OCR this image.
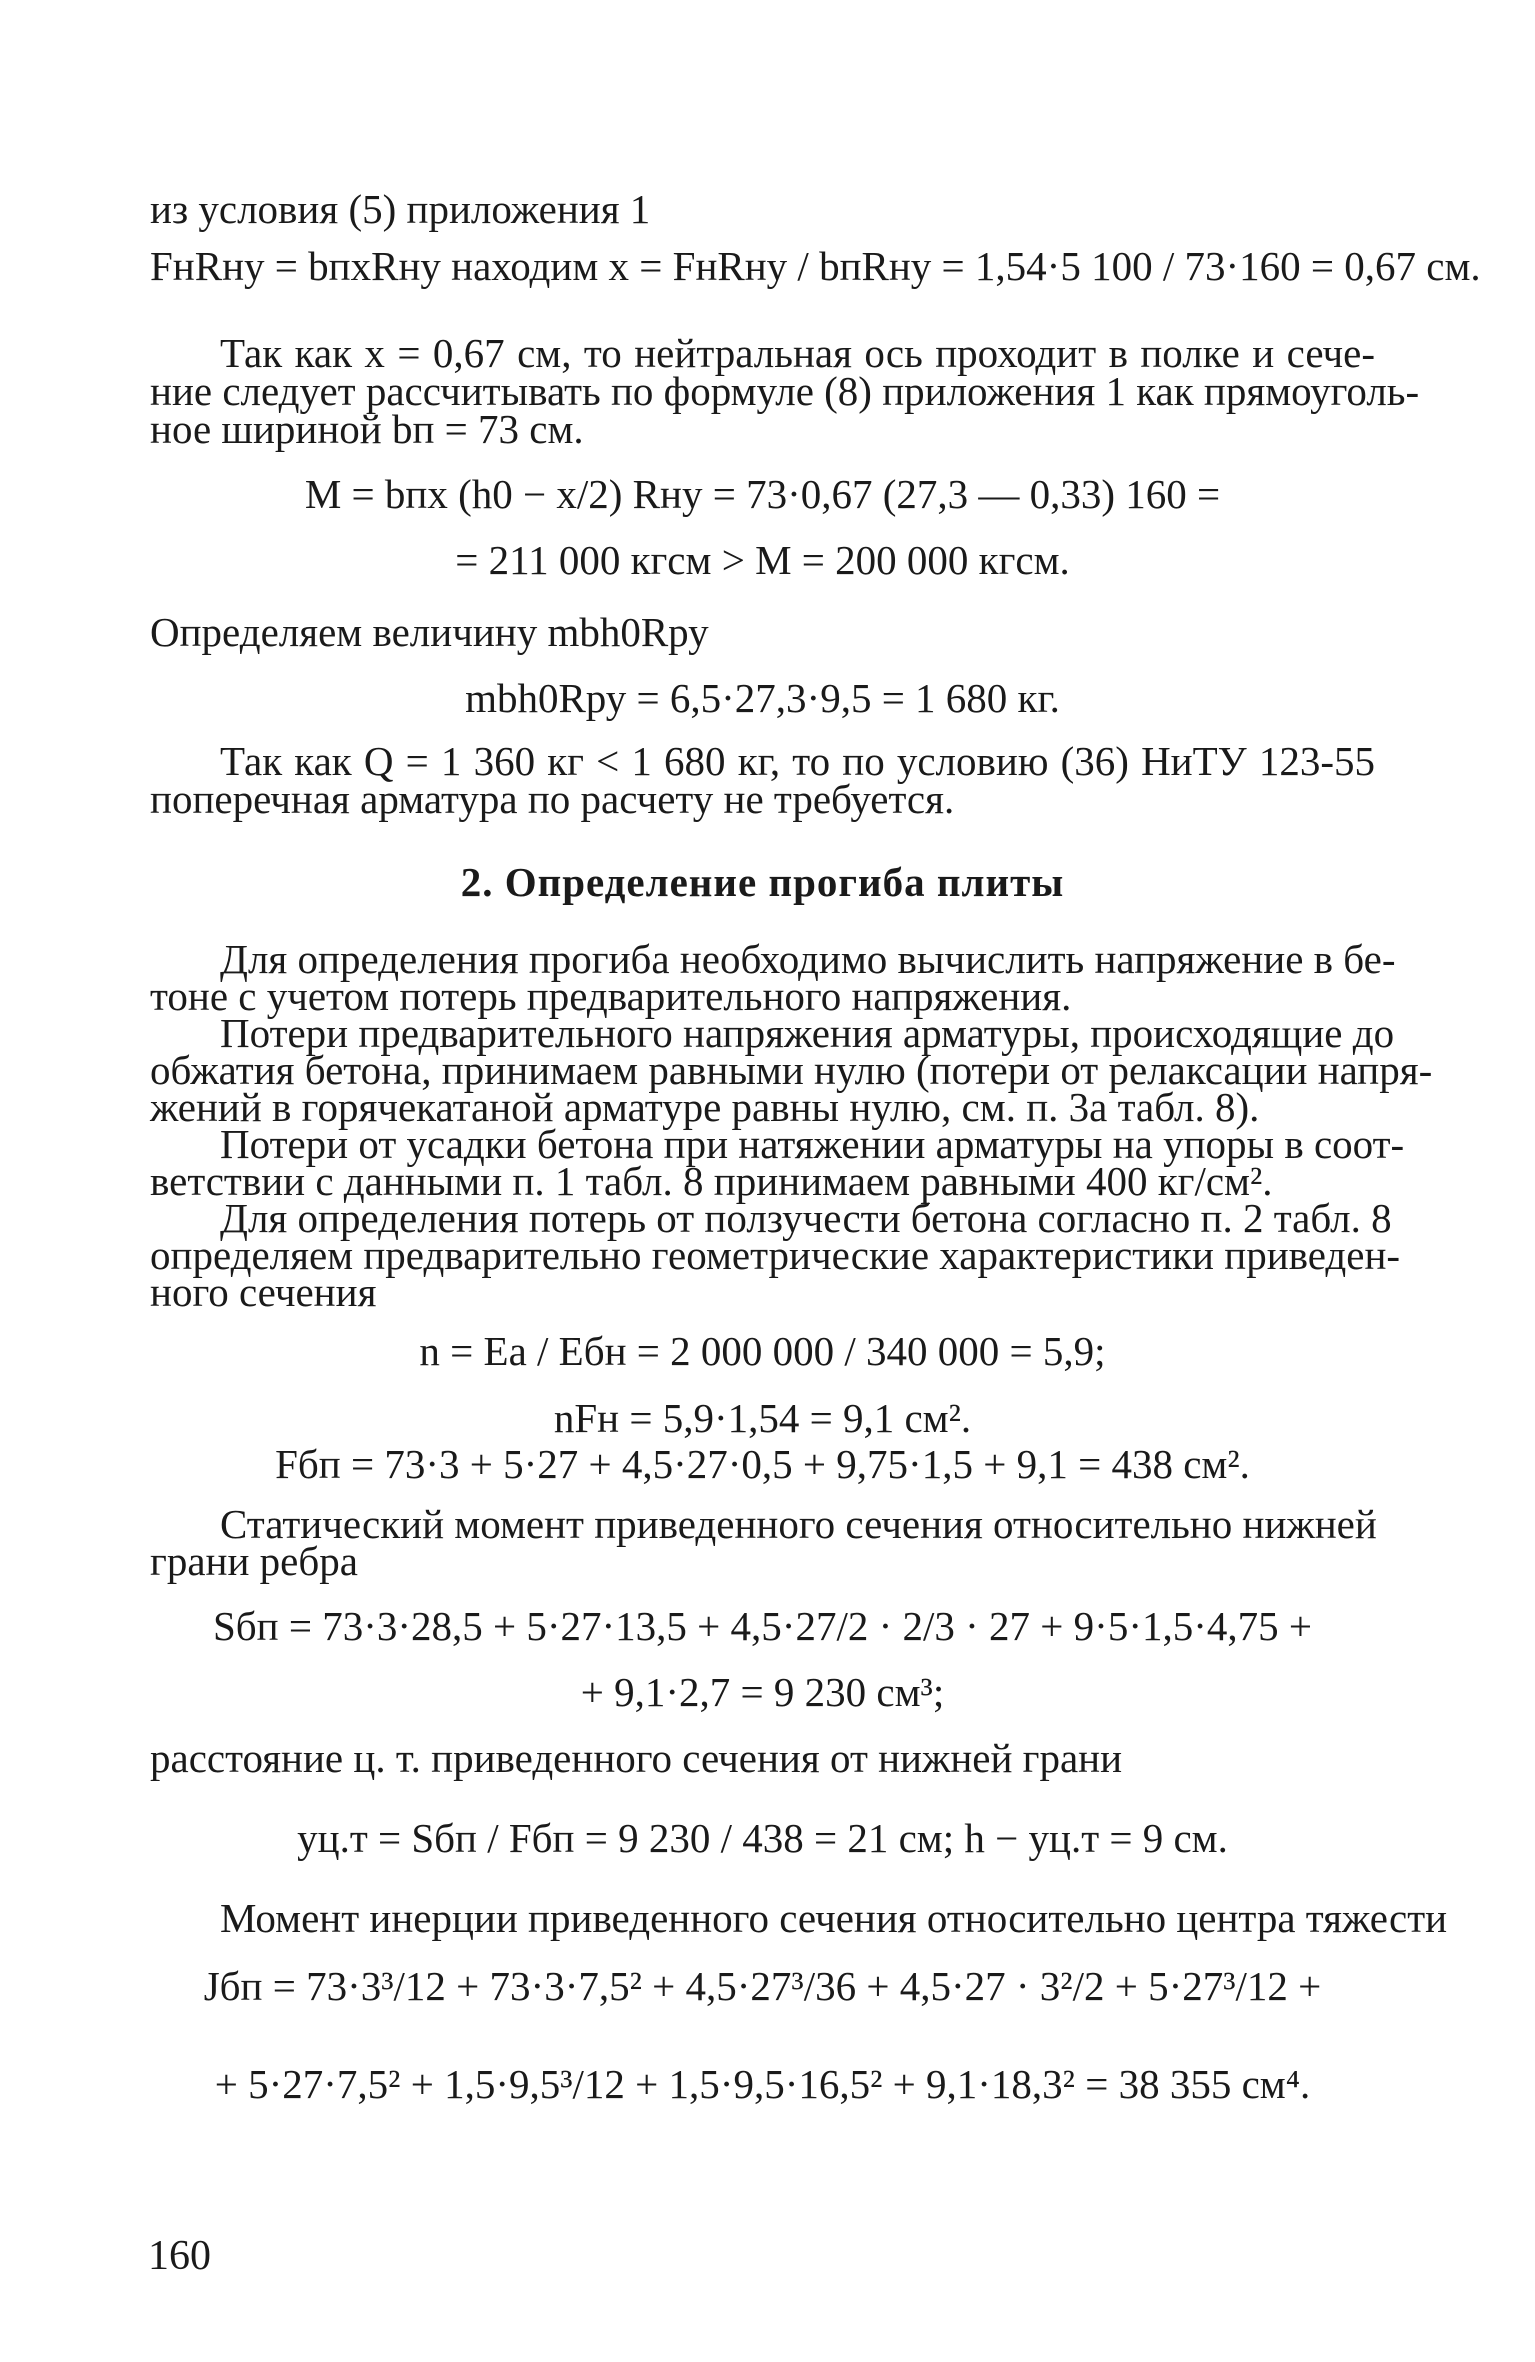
из условия (5) приложения 1
FнRну = bпxRну находим x = FнRну / bпRну = 1,54·5 100 / 73·160 = 0,67 см.
Так как x = 0,67 см, то нейтральная ось проходит в полке и сече-
ние следует рассчитывать по формуле (8) приложения 1 как прямоуголь-
ное шириной bп = 73 см.
M = bпx (h0 − x/2) Rну = 73·0,67 (27,3 — 0,33) 160 =
= 211 000 кгсм > M = 200 000 кгсм.
Определяем величину mbh0Rру
mbh0Rру = 6,5·27,3·9,5 = 1 680 кг.
Так как Q = 1 360 кг < 1 680 кг, то по условию (36) НиТУ 123-55
поперечная арматура по расчету не требуется.
2. Определение прогиба плиты
Для определения прогиба необходимо вычислить напряжение в бе-
тоне с учетом потерь предварительного напряжения.
Потери предварительного напряжения арматуры, происходящие до
обжатия бетона, принимаем равными нулю (потери от релаксации напря-
жений в горячекатаной арматуре равны нулю, см. п. 3а табл. 8).
Потери от усадки бетона при натяжении арматуры на упоры в соот-
ветствии с данными п. 1 табл. 8 принимаем равными 400 кг/см².
Для определения потерь от ползучести бетона согласно п. 2 табл. 8
определяем предварительно геометрические характеристики приведен-
ного сечения
n = Ea / Eбн = 2 000 000 / 340 000 = 5,9;
nFн = 5,9·1,54 = 9,1 см².
Fбп = 73·3 + 5·27 + 4,5·27·0,5 + 9,75·1,5 + 9,1 = 438 см².
Статический момент приведенного сечения относительно нижней
грани ребра
Sбп = 73·3·28,5 + 5·27·13,5 + 4,5·27/2 · 2/3 · 27 + 9·5·1,5·4,75 +
+ 9,1·2,7 = 9 230 см³;
расстояние ц. т. приведенного сечения от нижней грани
yц.т = Sбп / Fбп = 9 230 / 438 = 21 см; h − yц.т = 9 см.
Момент инерции приведенного сечения относительно центра тяжести
Jбп = 73·3³/12 + 73·3·7,5² + 4,5·27³/36 + 4,5·27 · 3²/2 + 5·27³/12 +
+ 5·27·7,5² + 1,5·9,5³/12 + 1,5·9,5·16,5² + 9,1·18,3² = 38 355 см⁴.
160
